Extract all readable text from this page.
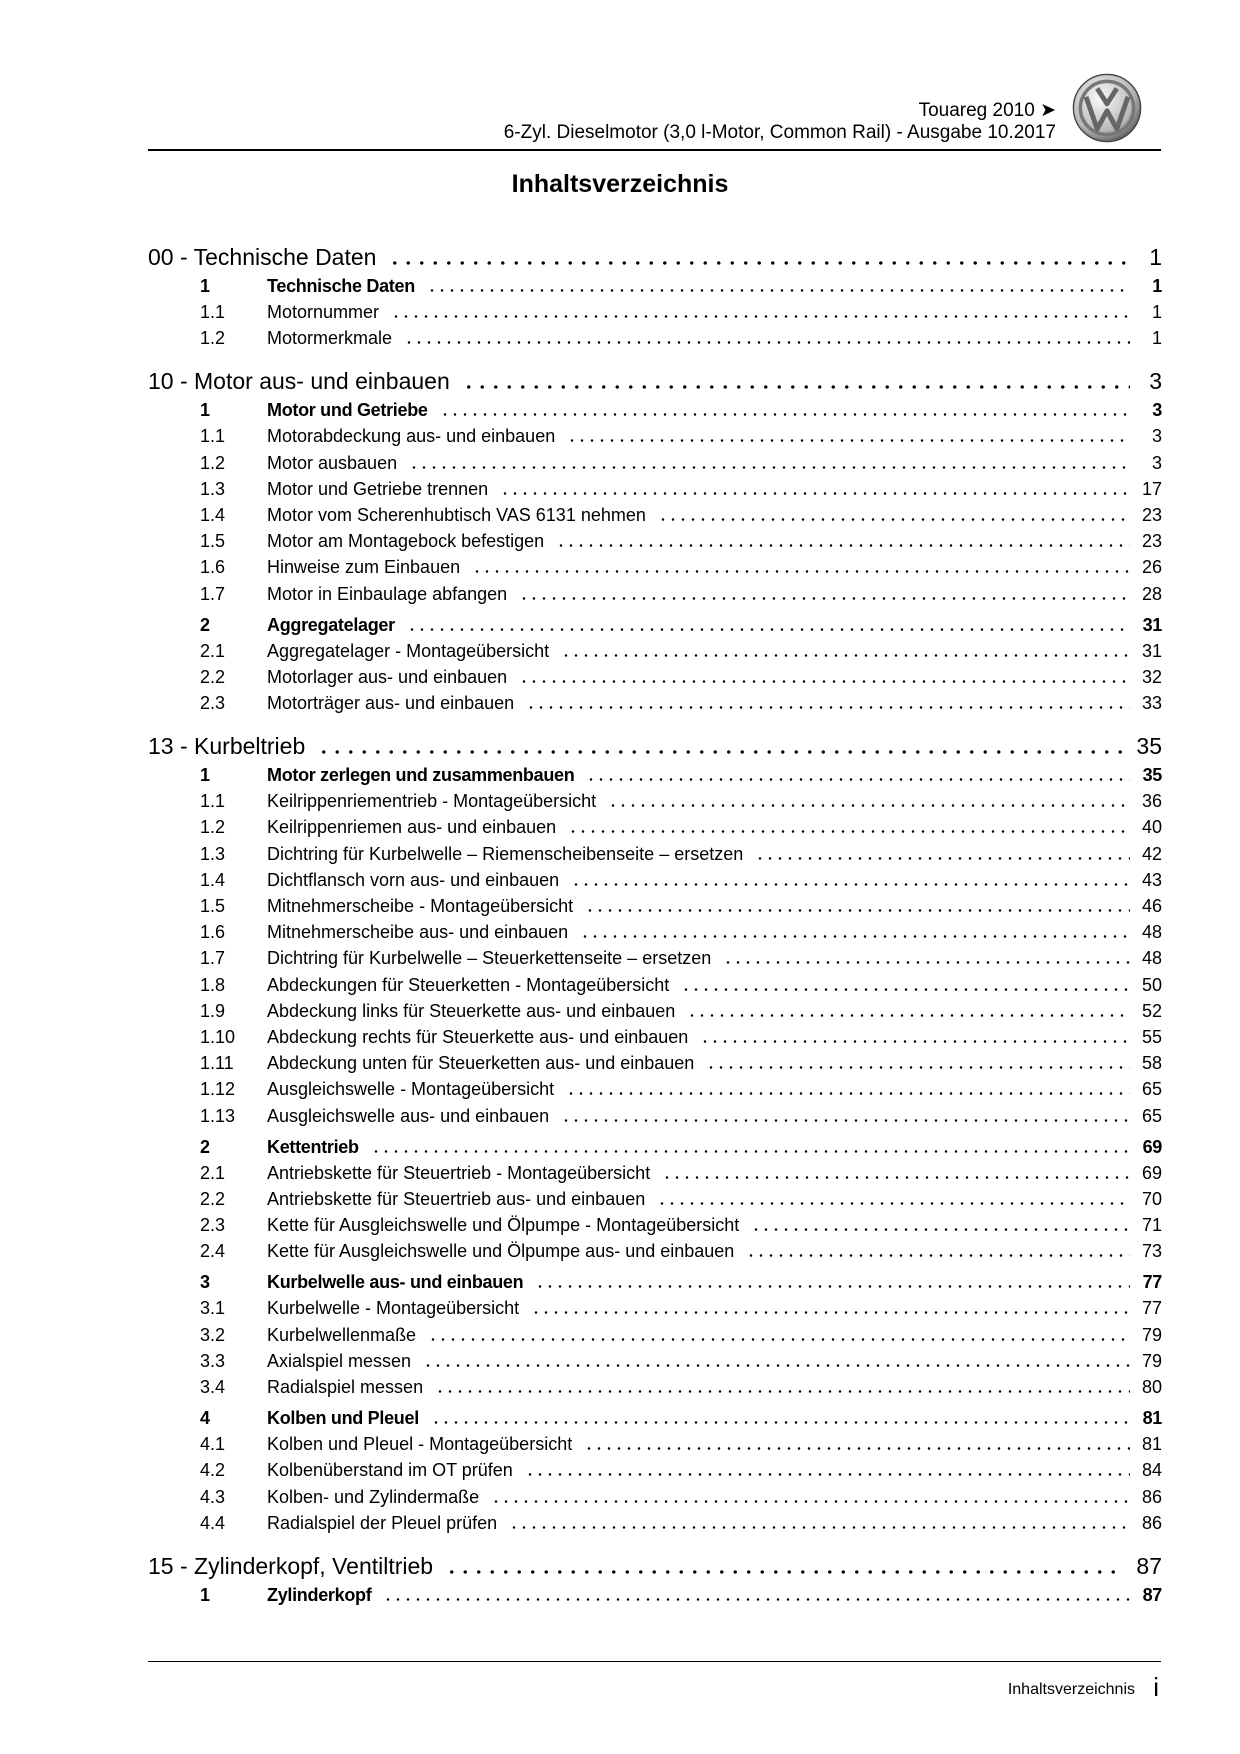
Touareg 2010 ➤
6-Zyl. Dieselmotor (3,0 l-Motor, Common Rail) - Ausgabe 10.2017
Inhaltsverzeichnis
00 - Technische Daten	1
1	Technische Daten	1
1.1	Motornummer	1
1.2	Motormerkmale	1
10 - Motor aus- und einbauen	3
1	Motor und Getriebe	3
1.1	Motorabdeckung aus- und einbauen	3
1.2	Motor ausbauen	3
1.3	Motor und Getriebe trennen	17
1.4	Motor vom Scherenhubtisch VAS 6131 nehmen	23
1.5	Motor am Montagebock befestigen	23
1.6	Hinweise zum Einbauen	26
1.7	Motor in Einbaulage abfangen	28
2	Aggregatelager	31
2.1	Aggregatelager - Montageübersicht	31
2.2	Motorlager aus- und einbauen	32
2.3	Motorträger aus- und einbauen	33
13 - Kurbeltrieb	35
1	Motor zerlegen und zusammenbauen	35
1.1	Keilrippenriementrieb - Montageübersicht	36
1.2	Keilrippenriemen aus- und einbauen	40
1.3	Dichtring für Kurbelwelle – Riemenscheibenseite – ersetzen	42
1.4	Dichtflansch vorn aus- und einbauen	43
1.5	Mitnehmerscheibe - Montageübersicht	46
1.6	Mitnehmerscheibe aus- und einbauen	48
1.7	Dichtring für Kurbelwelle – Steuerkettenseite – ersetzen	48
1.8	Abdeckungen für Steuerketten - Montageübersicht	50
1.9	Abdeckung links für Steuerkette aus- und einbauen	52
1.10	Abdeckung rechts für Steuerkette aus- und einbauen	55
1.11	Abdeckung unten für Steuerketten aus- und einbauen	58
1.12	Ausgleichswelle - Montageübersicht	65
1.13	Ausgleichswelle aus- und einbauen	65
2	Kettentrieb	69
2.1	Antriebskette für Steuertrieb - Montageübersicht	69
2.2	Antriebskette für Steuertrieb aus- und einbauen	70
2.3	Kette für Ausgleichswelle und Ölpumpe - Montageübersicht	71
2.4	Kette für Ausgleichswelle und Ölpumpe aus- und einbauen	73
3	Kurbelwelle aus- und einbauen	77
3.1	Kurbelwelle - Montageübersicht	77
3.2	Kurbelwellenmaße	79
3.3	Axialspiel messen	79
3.4	Radialspiel messen	80
4	Kolben und Pleuel	81
4.1	Kolben und Pleuel - Montageübersicht	81
4.2	Kolbenüberstand im OT prüfen	84
4.3	Kolben- und Zylindermaße	86
4.4	Radialspiel der Pleuel prüfen	86
15 - Zylinderkopf, Ventiltrieb	87
1	Zylinderkopf	87
Inhaltsverzeichnis i
